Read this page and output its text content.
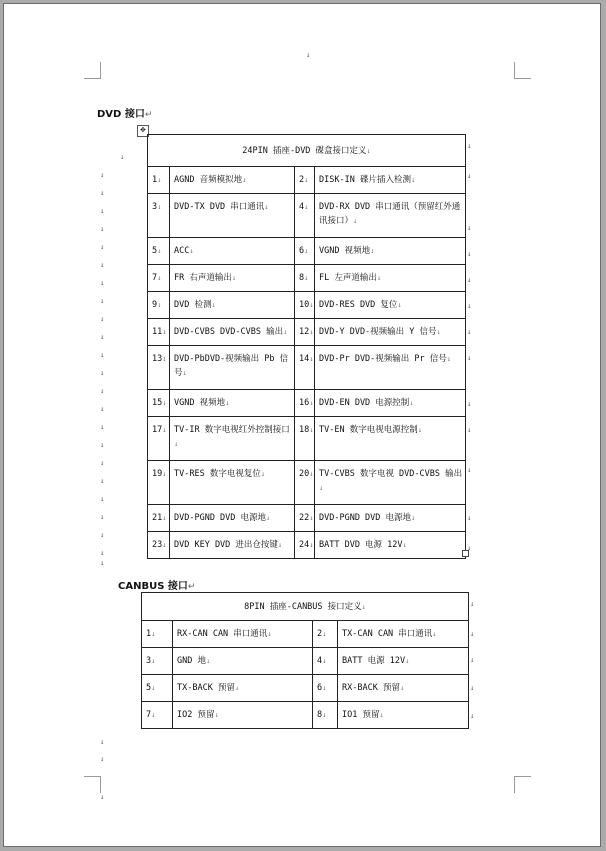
↓
DVD 接口↵
✥
↓
↓
↓
↓
↓
↓
↓
↓
↓
↓
↓
↓
↓
↓
↓
↓
↓
↓
↓
↓
↓
↓
↓
↓
↓
↓
↓
24PIN 插座-DVD 碟盒接口定义↓			
1↓	AGND 音频模拟地↓	2↓	DISK-IN 碟片插入检测↓
3↓	DVD-TX DVD 串口通讯↓	4↓	DVD-RX DVD 串口通讯（预留红外通讯接口）↓
5↓	ACC↓	6↓	VGND 视频地↓
7↓	FR 右声道输出↓	8↓	FL 左声道输出↓
9↓	DVD 检测↓	10↓	DVD-RES DVD 复位↓
11↓	DVD-CVBS DVD-CVBS 输出↓	12↓	DVD-Y DVD-视频输出 Y 信号↓
13↓	DVD-PbDVD-视频输出 Pb 信号↓	14↓	DVD-Pr DVD-视频输出 Pr 信号↓
15↓	VGND 视频地↓	16↓	DVD-EN DVD 电源控制↓
17↓	TV-IR 数字电视红外控制接口↓	18↓	TV-EN 数字电视电源控制↓
19↓	TV-RES 数字电视复位↓	20↓	TV-CVBS 数字电视 DVD-CVBS 输出↓
21↓	DVD-PGND DVD 电源地↓	22↓	DVD-PGND DVD 电源地↓
23↓	DVD KEY DVD 进出仓按键↓	24↓	BATT DVD 电源 12V↓
CANBUS 接口↵
8PIN 插座-CANBUS 接口定义↓			
1↓	RX-CAN CAN 串口通讯↓	2↓	TX-CAN CAN 串口通讯↓
3↓	GND 地↓	4↓	BATT 电源 12V↓
5↓	TX-BACK 预留↓	6↓	RX-BACK 预留↓
7↓	IO2 预留↓	8↓	IO1 预留↓
↓
↓
↓
↓
↓
↓
↓
↓
↓
↓
↓
↓
↓
↓
↓
↓
↓
↓
